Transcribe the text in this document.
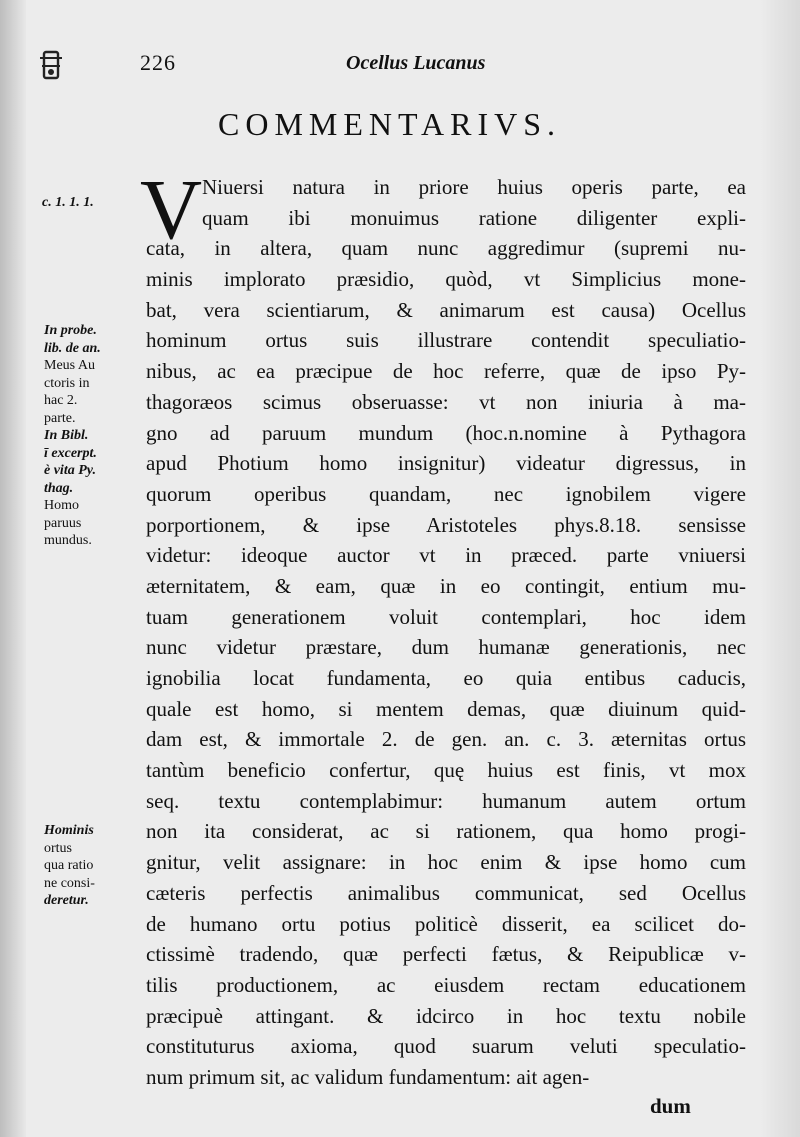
226	Ocellus Lucanus
COMMENTARIVS.
V Niuersi natura in priore huius operis parte, ea
quam ibi monuimus ratione diligenter expli-
cata, in altera, quam nunc aggredimur (supremi nu-
minis implorato præsidio, quòd, vt Simplicius mone-
bat, vera scientiarum, & animarum est causa) Ocellus
hominum ortus suis illustrare contendit speculiatio-
nibus, ac ea præcipue de hoc referre, quæ de ipso Py-
thagoræos scimus obseruasse: vt non iniuria à ma-
gno ad paruum mundum (hoc.n.nomine à Pythagora
apud Photium homo insignitur) videatur digressus, in
quorum operibus quandam, nec ignobilem vigere
porportionem, & ipse Aristoteles phys.8.18. sensisse
videtur: ideoque auctor vt in præced. parte vniuersi
æternitatem, & eam, quæ in eo contingit, entium mu-
tuam generationem voluit contemplari, hoc idem
nunc videtur præstare, dum humanæ generationis, nec
ignobilia locat fundamenta, eo quia entibus caducis,
quale est homo, si mentem demas, quæ diuinum quid-
dam est, & immortale 2. de gen. an. c. 3. æternitas ortus
tantùm beneficio confertur, quę huius est finis, vt mox
seq. textu contemplabimur: humanum autem ortum
non ita considerat, ac si rationem, qua homo progi-
gnitur, velit assignare: in hoc enim & ipse homo cum
cæteris perfectis animalibus communicat, sed Ocellus
de humano ortu potius politicè disserit, ea scilicet do-
ctissimè tradendo, quæ perfecti fætus, & Reipublicæ v-
tilis productionem, ac eiusdem rectam educationem
præcipuè attingant. & idcirco in hoc textu nobile
constituturus axioma, quod suarum veluti speculatio-
num primum sit, ac validum fundamentum: ait agen-
dum
c. 1. 1. 1.
In probe.
lib. de an.
Meus Au
ctoris in
hac 2.
parte.
In Bibl.
ī excerpt.
è vita Py.
thag.
Homo
paruus
mundus.
Hominis
ortus
qua ratio
ne consi-
deretur.
